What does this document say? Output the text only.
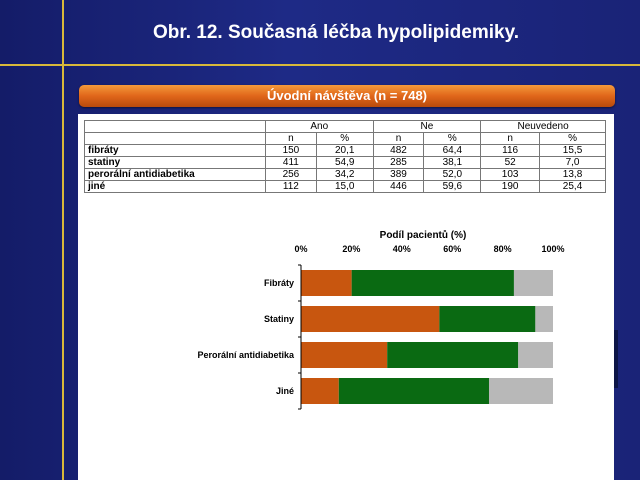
Obr. 12. Současná léčba hypolipidemiky.
Úvodní návštěva (n = 748)
	Ano		Ne		Neuvedeno	
	n	%	n	%	n	%
fibráty	150	20,1	482	64,4	116	15,5
statiny	411	54,9	285	38,1	52	7,0
perorální antidiabetika	256	34,2	389	52,0	103	13,8
jiné	112	15,0	446	59,6	190	25,4
Podíl pacientů (%)
0%	20%	40%	60%	80%	100%
Fibráty
Statiny
Perorální antidiabetika
Jiné
